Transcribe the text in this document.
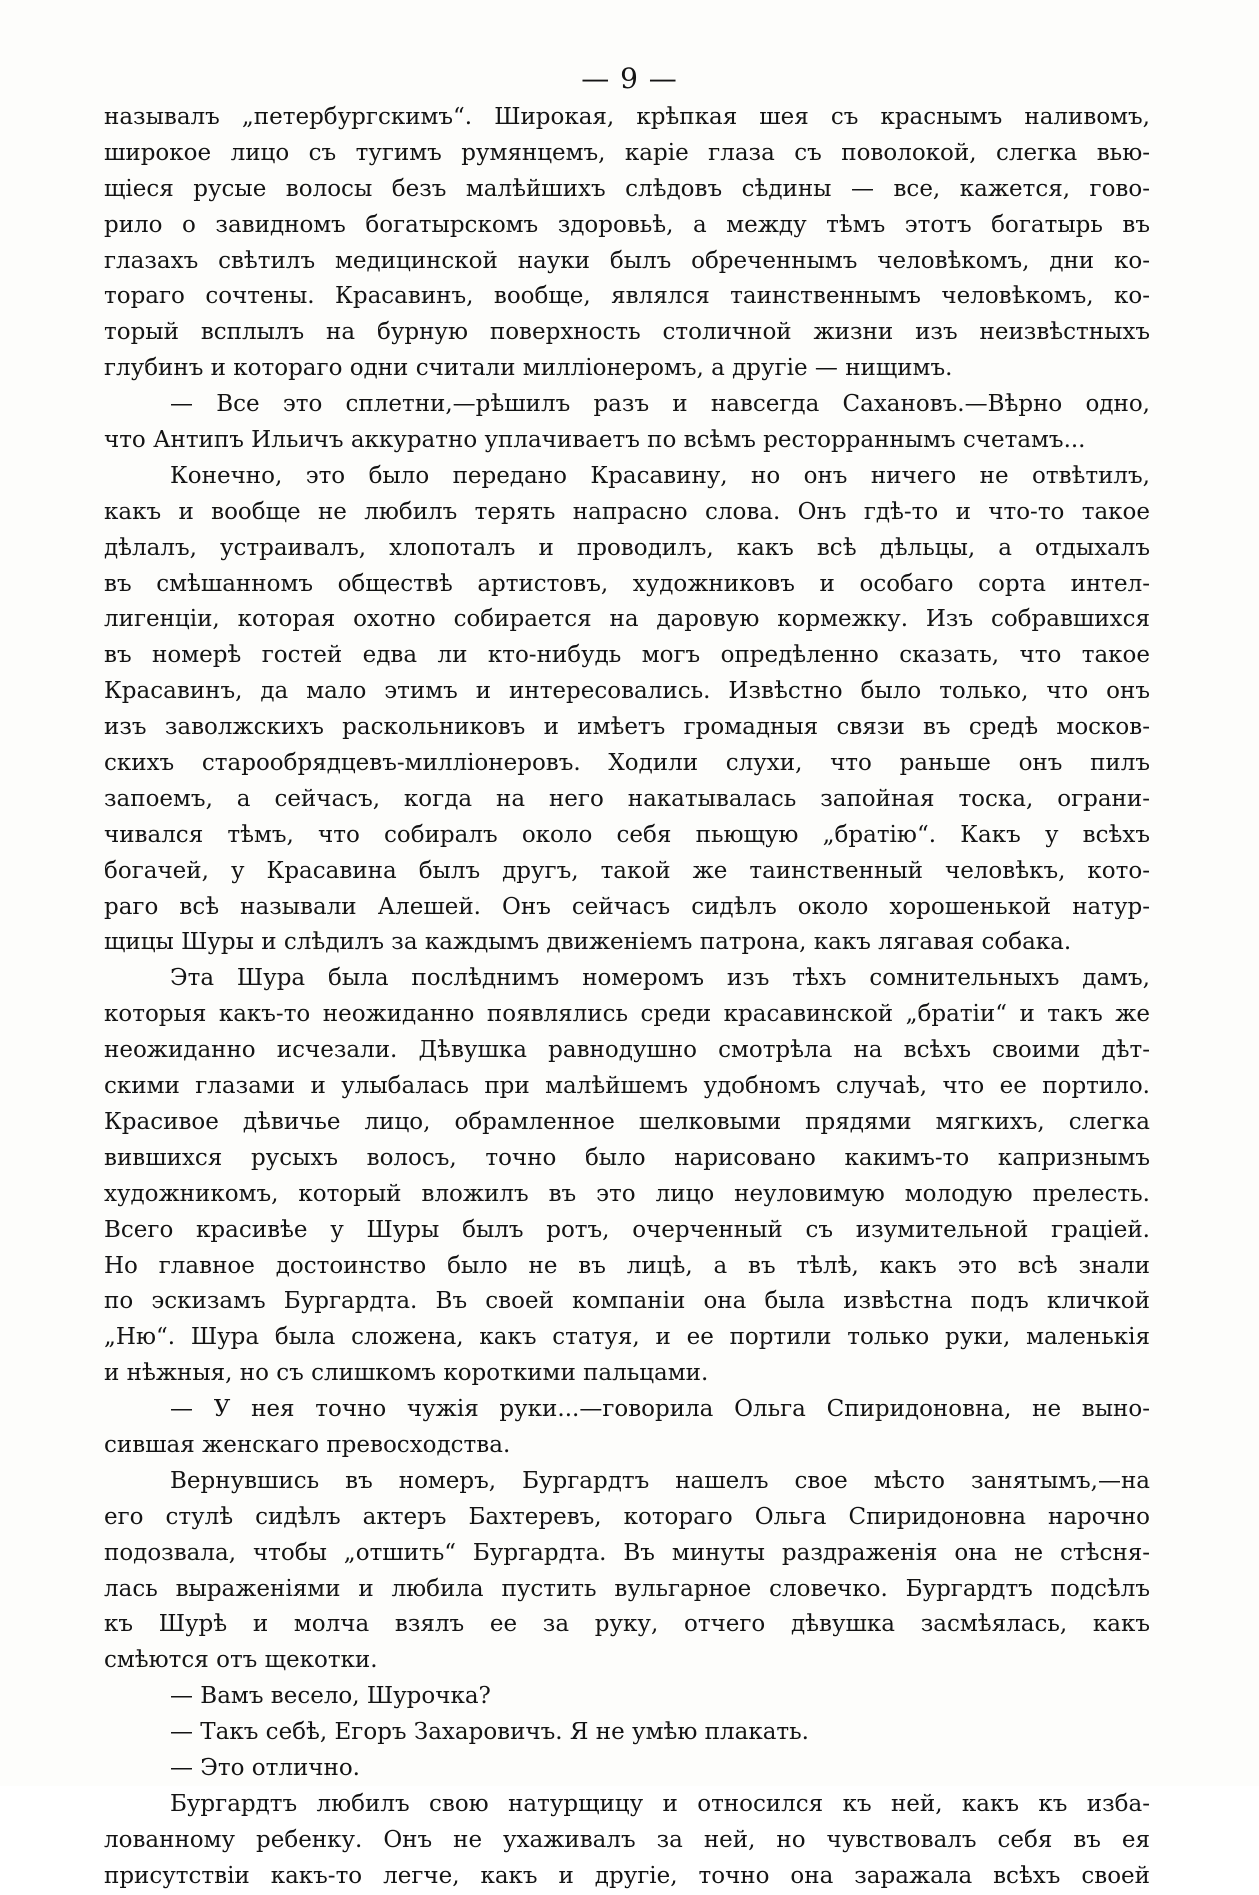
— 9 —
называлъ „петербургскимъ“. Широкая, крѣпкая шея съ краснымъ наливомъ,
широкое лицо съ тугимъ румянцемъ, каріе глаза съ поволокой, слегка вью-
щіеся русые волосы безъ малѣйшихъ слѣдовъ сѣдины — все, кажется, гово-
рило о завидномъ богатырскомъ здоровьѣ, а между тѣмъ этотъ богатырь въ
глазахъ свѣтилъ медицинской науки былъ обреченнымъ человѣкомъ, дни ко-
тораго сочтены. Красавинъ, вообще, являлся таинственнымъ человѣкомъ, ко-
торый всплылъ на бурную поверхность столичной жизни изъ неизвѣстныхъ
глубинъ и котораго одни считали милліонеромъ, а другіе — нищимъ.
— Все это сплетни,—рѣшилъ разъ и навсегда Сахановъ.—Вѣрно одно,
что Антипъ Ильичъ аккуратно уплачиваетъ по всѣмъ ресторраннымъ счетамъ...
Конечно, это было передано Красавину, но онъ ничего не отвѣтилъ,
какъ и вообще не любилъ терять напрасно слова. Онъ гдѣ-то и что-то такое
дѣлалъ, устраивалъ, хлопоталъ и проводилъ, какъ всѣ дѣльцы, а отдыхалъ
въ смѣшанномъ обществѣ артистовъ, художниковъ и особаго сорта интел-
лигенціи, которая охотно собирается на даровую кормежку. Изъ собравшихся
въ номерѣ гостей едва ли кто-нибудь могъ опредѣленно сказать, что такое
Красавинъ, да мало этимъ и интересовались. Извѣстно было только, что онъ
изъ заволжскихъ раскольниковъ и имѣетъ громадныя связи въ средѣ москов-
скихъ старообрядцевъ-милліонеровъ. Ходили слухи, что раньше онъ пилъ
запоемъ, а сейчасъ, когда на него накатывалась запойная тоска, ограни-
чивался тѣмъ, что собиралъ около себя пьющую „братію“. Какъ у всѣхъ
богачей, у Красавина былъ другъ, такой же таинственный человѣкъ, кото-
раго всѣ называли Алешей. Онъ сейчасъ сидѣлъ около хорошенькой натур-
щицы Шуры и слѣдилъ за каждымъ движеніемъ патрона, какъ лягавая собака.
Эта Шура была послѣднимъ номеромъ изъ тѣхъ сомнительныхъ дамъ,
которыя какъ-то неожиданно появлялись среди красавинской „братіи“ и такъ же
неожиданно исчезали. Дѣвушка равнодушно смотрѣла на всѣхъ своими дѣт-
скими глазами и улыбалась при малѣйшемъ удобномъ случаѣ, что ее портило.
Красивое дѣвичье лицо, обрамленное шелковыми прядями мягкихъ, слегка
вившихся русыхъ волосъ, точно было нарисовано какимъ-то капризнымъ
художникомъ, который вложилъ въ это лицо неуловимую молодую прелесть.
Всего красивѣе у Шуры былъ ротъ, очерченный съ изумительной граціей.
Но главное достоинство было не въ лицѣ, а въ тѣлѣ, какъ это всѣ знали
по эскизамъ Бургардта. Въ своей компаніи она была извѣстна подъ кличкой
„Ню“. Шура была сложена, какъ статуя, и ее портили только руки, маленькія
и нѣжныя, но съ слишкомъ короткими пальцами.
— У нея точно чужія руки...—говорила Ольга Спиридоновна, не выно-
сившая женскаго превосходства.
Вернувшись въ номеръ, Бургардтъ нашелъ свое мѣсто занятымъ,—на
его стулѣ сидѣлъ актеръ Бахтеревъ, котораго Ольга Спиридоновна нарочно
подозвала, чтобы „отшить“ Бургардта. Въ минуты раздраженія она не стѣсня-
лась выраженіями и любила пустить вульгарное словечко. Бургардтъ подсѣлъ
къ Шурѣ и молча взялъ ее за руку, отчего дѣвушка засмѣялась, какъ
смѣются отъ щекотки.
— Вамъ весело, Шурочка?
— Такъ себѣ, Егоръ Захаровичъ. Я не умѣю плакать.
— Это отлично.
Бургардтъ любилъ свою натурщицу и относился къ ней, какъ къ изба-
лованному ребенку. Онъ не ухаживалъ за ней, но чувствовалъ себя въ ея
присутствіи какъ-то легче, какъ и другіе, точно она заражала всѣхъ своей
